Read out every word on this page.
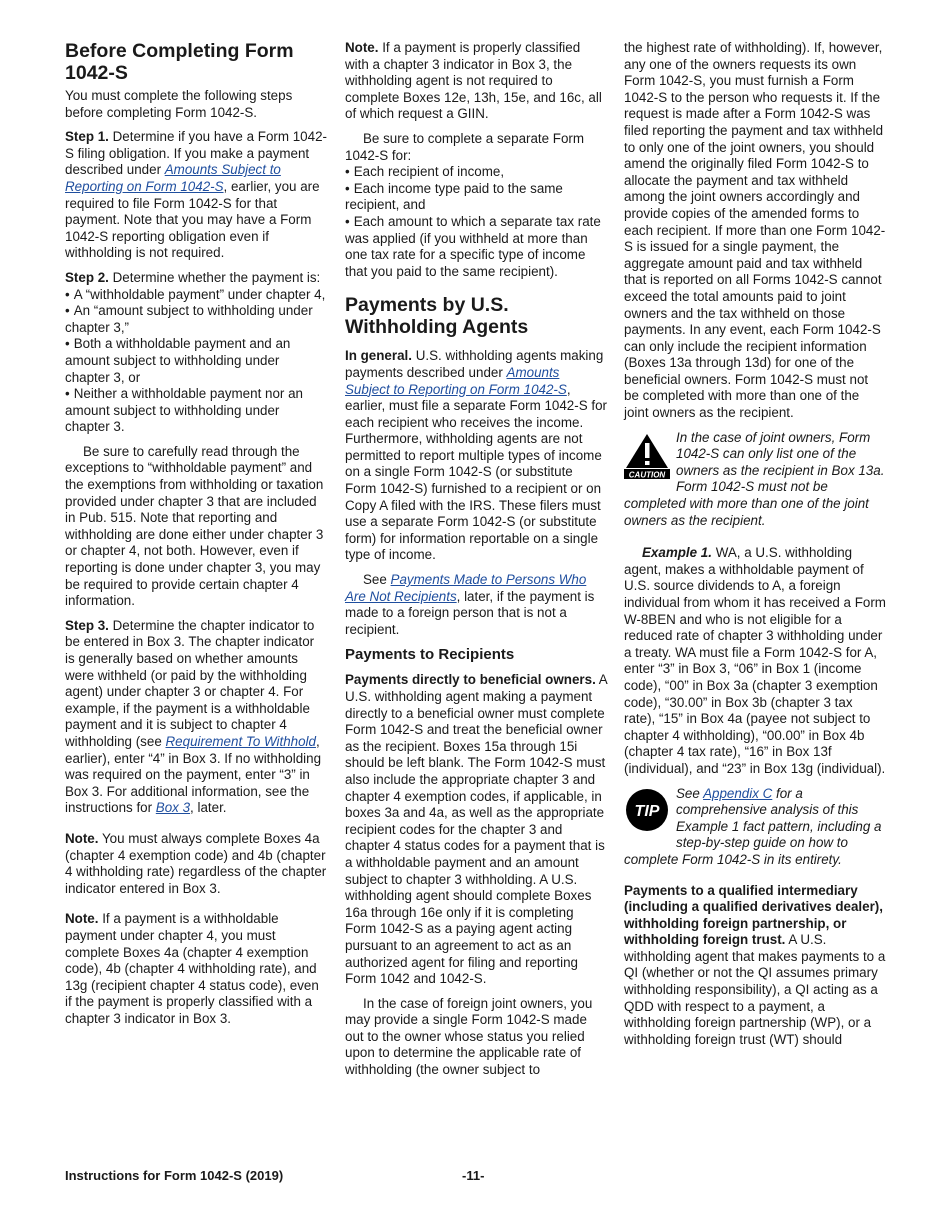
Before Completing Form 1042-S

You must complete the following steps before completing Form 1042-S.

Step 1. Determine if you have a Form 1042-S filing obligation. If you make a payment described under Amounts Subject to Reporting on Form 1042-S, earlier, you are required to file Form 1042-S for that payment. Note that you may have a Form 1042-S reporting obligation even if withholding is not required.

Step 2. Determine whether the payment is:

• A “withholdable payment” under chapter 4,
• An “amount subject to withholding under chapter 3,”
• Both a withholdable payment and an amount subject to withholding under chapter 3, or
• Neither a withholdable payment nor an amount subject to withholding under chapter 3.

Be sure to carefully read through the exceptions to “withholdable payment” and the exemptions from withholding or taxation provided under chapter 3 that are included in Pub. 515. Note that reporting and withholding are done either under chapter 3 or chapter 4, not both. However, even if reporting is done under chapter 3, you may be required to provide certain chapter 4 information.

Step 3. Determine the chapter indicator to be entered in Box 3. The chapter indicator is generally based on whether amounts were withheld (or paid by the withholding agent) under chapter 3 or chapter 4. For example, if the payment is a withholdable payment and it is subject to chapter 4 withholding (see Requirement To Withhold, earlier), enter “4” in Box 3. If no withholding was required on the payment, enter “3” in Box 3. For additional information, see the instructions for Box 3, later.

Note. You must always complete Boxes 4a (chapter 4 exemption code) and 4b (chapter 4 withholding rate) regardless of the chapter indicator entered in Box 3.

Note. If a payment is a withholdable payment under chapter 4, you must complete Boxes 4a (chapter 4 exemption code), 4b (chapter 4 withholding rate), and 13g (recipient chapter 4 status code), even if the payment is properly classified with a chapter 3 indicator in Box 3.

Note. If a payment is properly classified with a chapter 3 indicator in Box 3, the withholding agent is not required to complete Boxes 12e, 13h, 15e, and 16c, all of which request a GIIN.

Be sure to complete a separate Form 1042-S for:

• Each recipient of income,
• Each income type paid to the same recipient, and
• Each amount to which a separate tax rate was applied (if you withheld at more than one tax rate for a specific type of income that you paid to the same recipient).
Payments by U.S. Withholding Agents

In general. U.S. withholding agents making payments described under Amounts Subject to Reporting on Form 1042-S, earlier, must file a separate Form 1042-S for each recipient who receives the income. Furthermore, withholding agents are not permitted to report multiple types of income on a single Form 1042-S (or substitute Form 1042-S) furnished to a recipient or on Copy A filed with the IRS. These filers must use a separate Form 1042-S (or substitute form) for information reportable on a single type of income.

See Payments Made to Persons Who Are Not Recipients, later, if the payment is made to a foreign person that is not a recipient.

Payments to Recipients

Payments directly to beneficial owners. A U.S. withholding agent making a payment directly to a beneficial owner must complete Form 1042-S and treat the beneficial owner as the recipient. Boxes 15a through 15i should be left blank. The Form 1042-S must also include the appropriate chapter 3 and chapter 4 exemption codes, if applicable, in boxes 3a and 4a, as well as the appropriate recipient codes for the chapter 3 and chapter 4 status codes for a payment that is a withholdable payment and an amount subject to chapter 3 withholding. A U.S. withholding agent should complete Boxes 16a through 16e only if it is completing Form 1042-S as a paying agent acting pursuant to an agreement to act as an authorized agent for filing and reporting Form 1042 and 1042-S.

In the case of foreign joint owners, you may provide a single Form 1042-S made out to the owner whose status you relied upon to determine the applicable rate of withholding (the owner subject to

the highest rate of withholding). If, however, any one of the owners requests its own Form 1042-S, you must furnish a Form 1042-S to the person who requests it. If the request is made after a Form 1042-S was filed reporting the payment and tax withheld to only one of the joint owners, you should amend the originally filed Form 1042-S to allocate the payment and tax withheld among the joint owners accordingly and provide copies of the amended forms to each recipient. If more than one Form 1042-S is issued for a single payment, the aggregate amount paid and tax withheld that is reported on all Forms 1042-S cannot exceed the total amounts paid to joint owners and the tax withheld on those payments. In any event, each Form 1042-S can only include the recipient information (Boxes 13a through 13d) for one of the beneficial owners. Form 1042-S must not be completed with more than one of the joint owners as the recipient.

CAUTION
In the case of joint owners, Form 1042-S can only list one of the owners as the recipient in Box 13a. Form 1042-S must not be completed with more than one of the joint owners as the recipient.

Example 1. WA, a U.S. withholding agent, makes a withholdable payment of U.S. source dividends to A, a foreign individual from whom it has received a Form W-8BEN and who is not eligible for a reduced rate of chapter 3 withholding under a treaty. WA must file a Form 1042-S for A, enter “3” in Box 3, “06” in Box 1 (income code), “00” in Box 3a (chapter 3 exemption code), “30.00” in Box 3b (chapter 3 tax rate), “15” in Box 4a (payee not subject to chapter 4 withholding), “00.00” in Box 4b (chapter 4 tax rate), “16” in Box 13f (individual), and “23” in Box 13g (individual).

TIP
See Appendix C for a comprehensive analysis of this Example 1 fact pattern, including a step-by-step guide on how to complete Form 1042-S in its entirety.

Payments to a qualified intermediary (including a qualified derivatives dealer), withholding foreign partnership, or withholding foreign trust. A U.S. withholding agent that makes payments to a QI (whether or not the QI assumes primary withholding responsibility), a QI acting as a QDD with respect to a payment, a withholding foreign partnership (WP), or a withholding foreign trust (WT) should

Instructions for Form 1042-S (2019)	-11-
